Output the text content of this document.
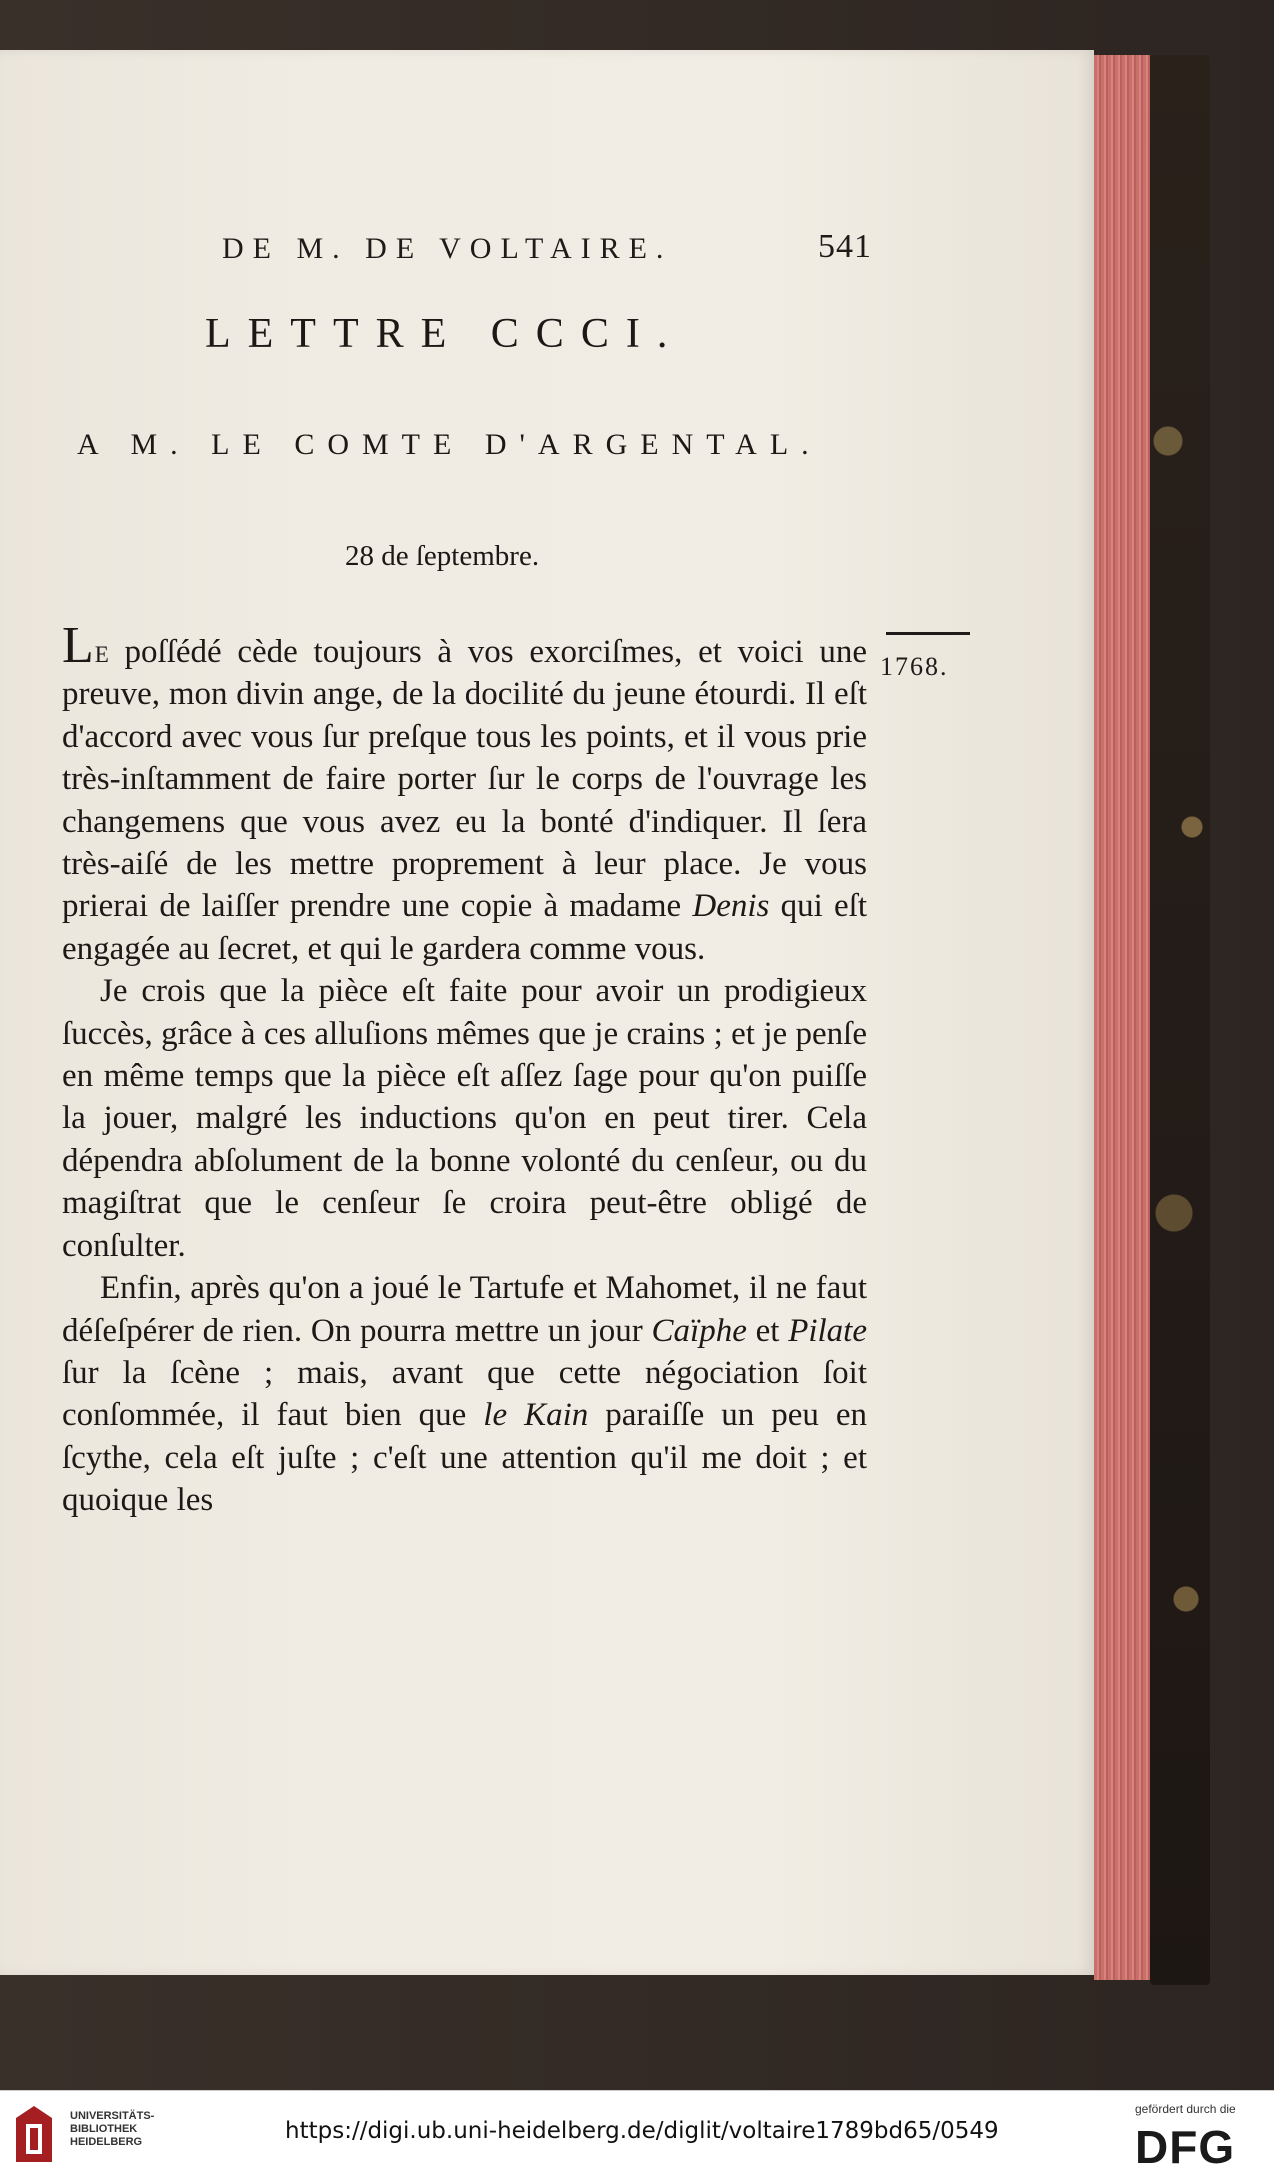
DE M. DE VOLTAIRE.	541
LETTRE CCCI.
A M. LE COMTE D'ARGENTAL.
28 de ſeptembre.
1768.

Le poſſédé cède toujours à vos exorciſmes, et voici une preuve, mon divin ange, de la docilité du jeune étourdi. Il eſt d'accord avec vous ſur preſque tous les points, et il vous prie très-inſtamment de faire porter ſur le corps de l'ouvrage les changemens que vous avez eu la bonté d'indiquer. Il ſera très-aiſé de les mettre proprement à leur place. Je vous prierai de laiſſer prendre une copie à madame Denis qui eſt engagée au ſecret, et qui le gardera comme vous.

Je crois que la pièce eſt faite pour avoir un prodigieux ſuccès, grâce à ces alluſions mêmes que je crains ; et je penſe en même temps que la pièce eſt aſſez ſage pour qu'on puiſſe la jouer, malgré les inductions qu'on en peut tirer. Cela dépendra abſolument de la bonne volonté du cenſeur, ou du magiſtrat que le cenſeur ſe croira peut-être obligé de conſulter.

Enfin, après qu'on a joué le Tartufe et Mahomet, il ne faut déſeſpérer de rien. On pourra mettre un jour Caïphe et Pilate ſur la ſcène ; mais, avant que cette négociation ſoit conſommée, il faut bien que le Kain paraiſſe un peu en ſcythe, cela eſt juſte ; c'eſt une attention qu'il me doit ; et quoique les

UNIVERSITÄTS-
BIBLIOTHEK
HEIDELBERG	https://digi.ub.uni-heidelberg.de/diglit/voltaire1789bd65/0549
gefördert durch die
DFG
